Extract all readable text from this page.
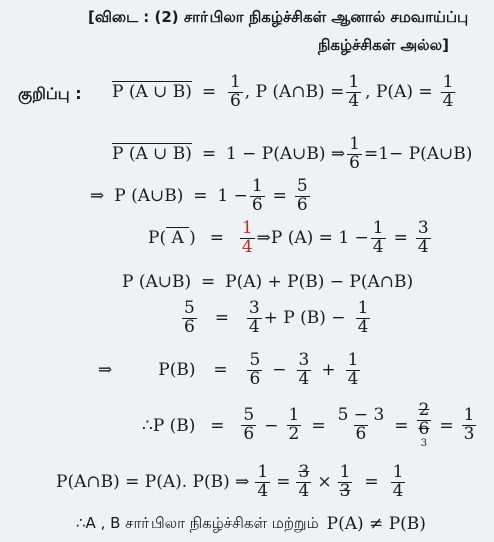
[விடை : (2) சாா்பிலா நிகழ்ச்சிகள் ஆனால் சமவாய்ப்பு
நிகழ்ச்சிகள் அல்ல]
குறிப்பு : P (A ∪ $B) = \frac{1}{6}$ , P (A∩B) = $\frac{1}{4}$ , $P(A) = \frac{1}{4}$
P (A ∪ B) = 1 − P(A∪B) ⇒ $\frac{1}{6} =1-$ P(A∪B)
⇒ P (A∪B) = $1 - \frac{1}{6} = \frac{5}{6}$
P( A ) = $\frac{1}{4}$ ⇒P $(A) = 1 - \frac{1}{4} = \frac{3}{4}$
P (A∪B) = P(A) + P(B) − P(A∩B)
$\frac{5}{6}$	=	$\frac{3}{4} + P$ $(B) - \frac{1}{4}$
⇒	P(B)	=	$\frac{5}{6} - \frac{3}{4} + \frac{1}{4}$
∴P $(B) = \frac{5}{6} - \frac{1}{2} = \frac{5 - 3}{6}$ =
2
6
3
= $\frac{1}{3}$
P(A∩B) = P(A). P(B) ⇒ $\frac{1}{4} = \frac{3}{4} \times \frac{1}{3} = \frac{1}{4}$
∴A , B சாா்பிலா நிகழ்ச்சிகள் மற்றும் P(A) ≠ P(B)
